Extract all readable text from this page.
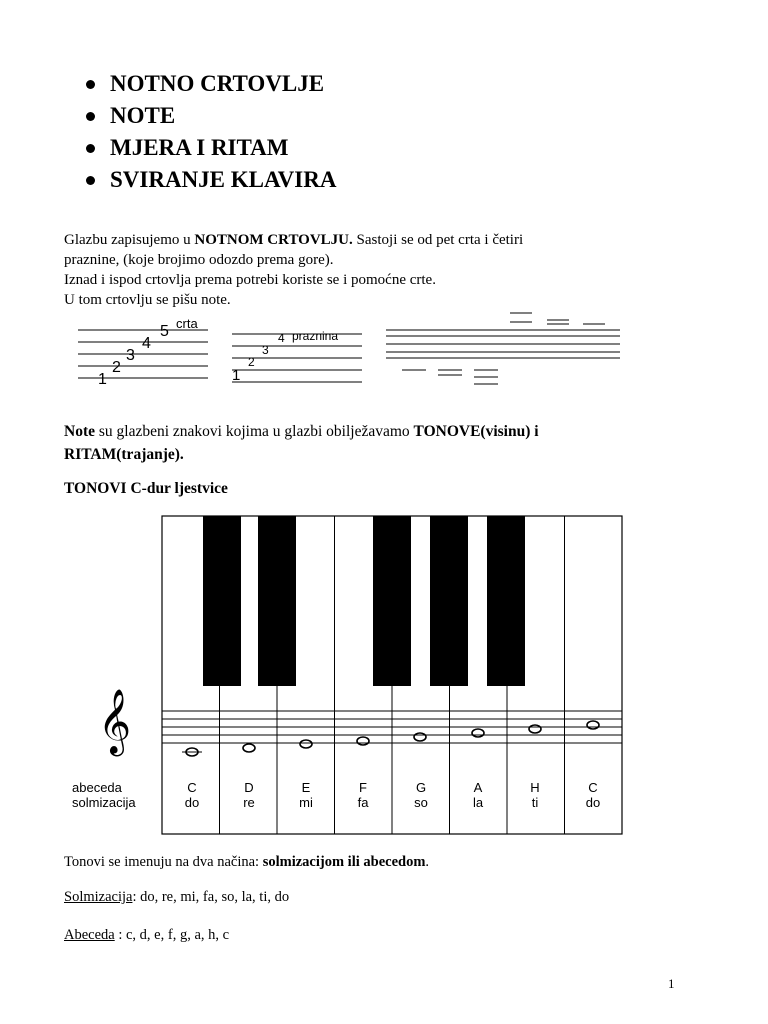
NOTNO CRTOVLJE
NOTE
MJERA I RITAM
SVIRANJE KLAVIRA
Glazbu zapisujemo u NOTNOM CRTOVLJU. Sastoji se od pet crta i četiri
praznine, (koje brojimo odozdo prema gore).
Iznad i ispod crtovlja prema potrebi koriste se i pomoćne crte.
U tom crtovlju se pišu note.
1
2
3
4
5 crta
1
2
3
4 praznina
Note su glazbeni znakovi kojima u glazbi obilježavamo TONOVE(visinu) i
RITAM(trajanje).
TONOVI C-dur ljestvice
𝄞
abeceda
solmizacija
C
do
D
re
E
mi
F
fa
G
so
A
la
H
ti
C
do
Tonovi se imenuju na dva načina: solmizacijom ili abecedom.
Solmizacija: do, re, mi, fa, so, la, ti, do
Abeceda : c, d, e, f, g, a, h, c
1
